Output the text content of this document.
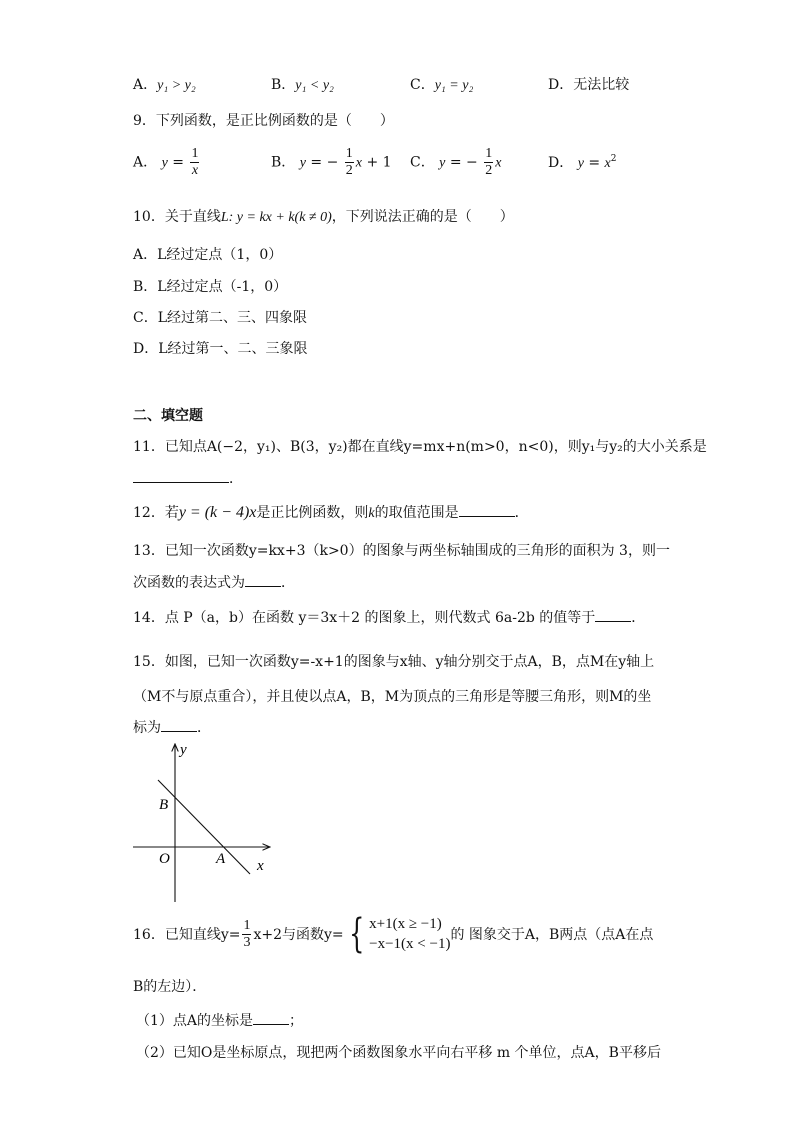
A．y₁ > y₂	B．y₁ < y₂	C．y₁ = y₂	D．无法比较
9．下列函数，是正比例函数的是（　　）
A． $y = \frac{1}{x}$	B． y = − $\frac{1}{2}$ x + 1 C． y = − $\frac{1}{2}$ x	D． $y = x^2$
10．关于直线L: y = kx + k(k ≠ 0)，下列说法正确的是（　　）
A．L经过定点（1，0）
B．L经过定点（-1，0）
C．L经过第二、三、四象限
D．L经过第一、二、三象限
二、填空题
11．已知点A(−2，y₁)、B(3，y₂)都在直线y=mx+n(m>0，n<0)，则y₁与y₂的大小关系是
．
12．若y = (k − 4)x是正比例函数，则k的取值范围是	．
13．已知一次函数y=kx+3（k>0）的图象与两坐标轴围成的三角形的面积为 3，则一
次函数的表达式为	．
14．点 P（a，b）在函数 y＝3x＋2 的图象上，则代数式 6a-2b 的值等于	．
15．如图，已知一次函数y=-x+1的图象与x轴、y轴分别交于点A，B，点M在y轴上
（M不与原点重合），并且使以点A，B，M为顶点的三角形是等腰三角形，则M的坐
标为	．
y
x
B
O	A
16．已知直线$y= \frac{1}{3} x+2$与函数y= { x+1(x ≥ −1)
−x−1(x < −1)
的 图象交于A，B两点（点A在点
B的左边）．
（1）点A的坐标是	；
（2）已知O是坐标原点，现把两个函数图象水平向右平移 m 个单位，点A，B平移后
